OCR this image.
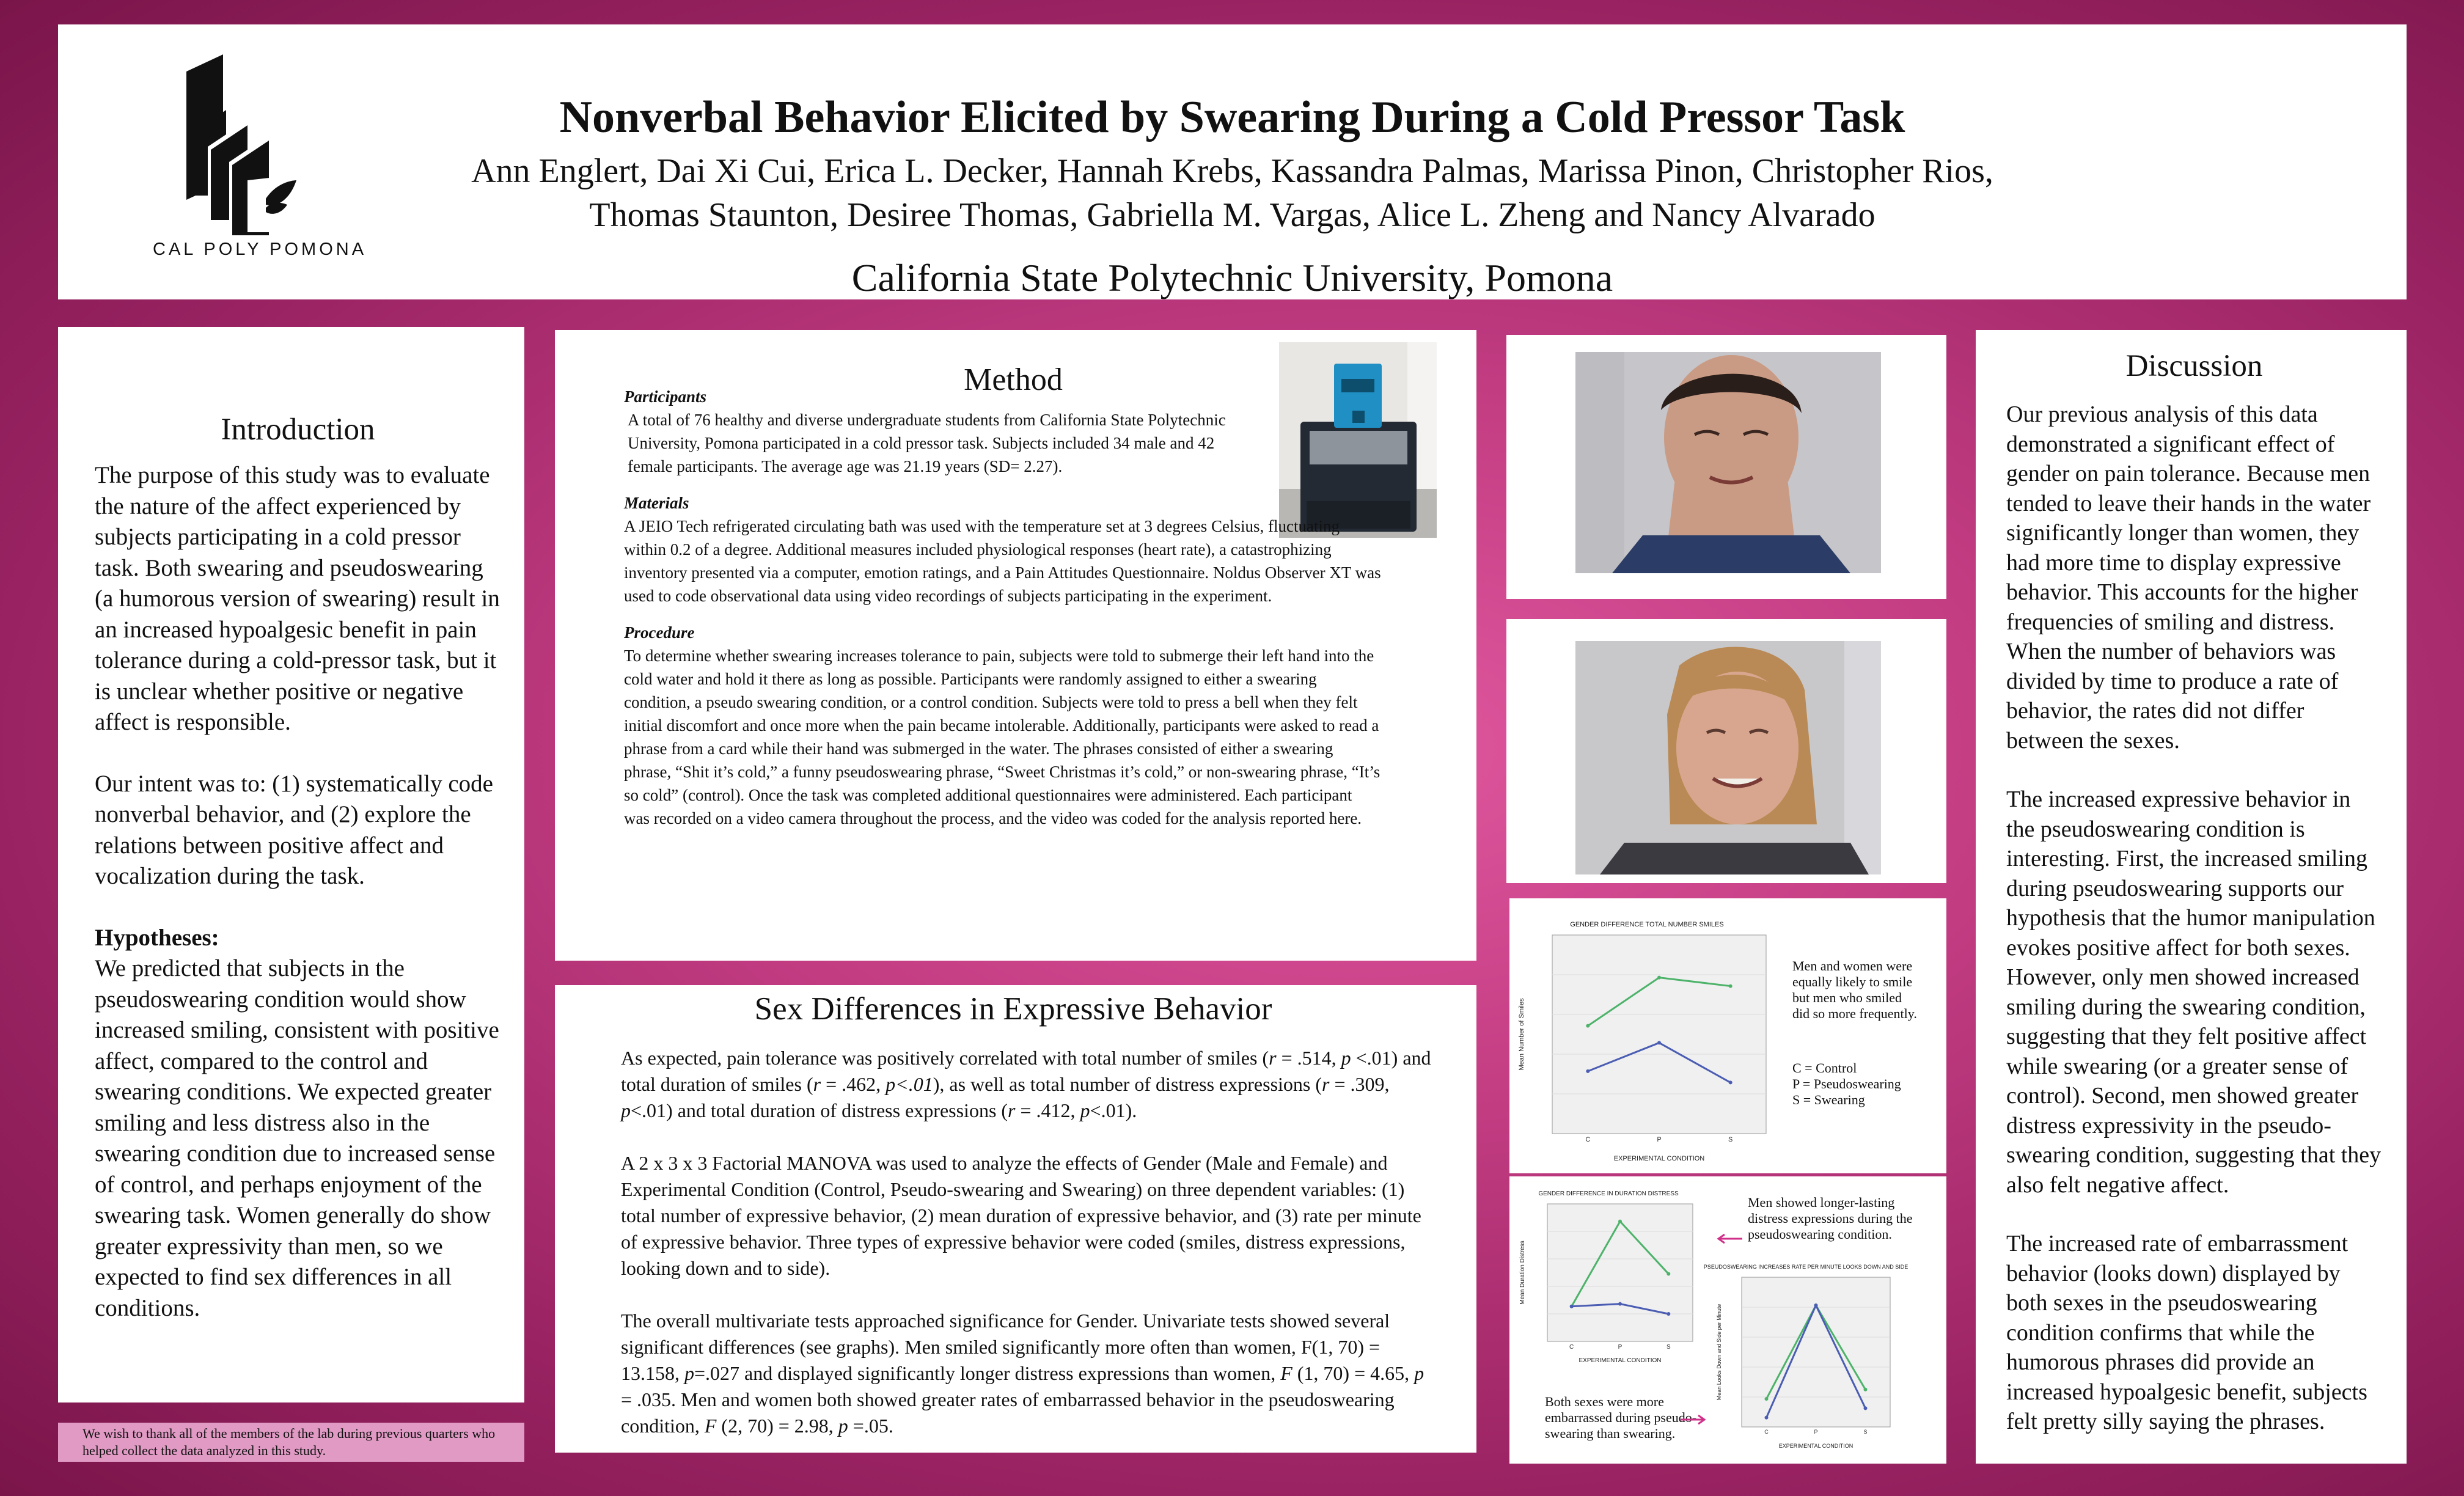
CAL POLY POMONA
Nonverbal Behavior Elicited by Swearing During a Cold Pressor Task
Ann Englert, Dai Xi Cui, Erica L. Decker, Hannah Krebs, Kassandra Palmas, Marissa Pinon, Christopher Rios,
Thomas Staunton, Desiree Thomas, Gabriella M. Vargas, Alice L. Zheng and Nancy Alvarado
California State Polytechnic University, Pomona
Introduction

The purpose of this study was to evaluate the nature of the affect experienced by subjects participating in a cold pressor task. Both swearing and pseudoswearing (a humorous version of swearing) result in an increased hypoalgesic benefit in pain tolerance during a cold-pressor task, but it is unclear whether positive or negative affect is responsible.

Our intent was to: (1) systematically code nonverbal behavior, and (2) explore the relations between positive affect and vocalization during the task.

Hypotheses:

We predicted that subjects in the pseudoswearing condition would show increased smiling, consistent with positive affect, compared to the control and swearing conditions. We expected greater smiling and less distress also in the swearing condition due to increased sense of control, and perhaps enjoyment of the swearing task. Women generally do show greater expressivity than men, so we expected to find sex differences in all conditions.

We wish to thank all of the members of the lab during previous quarters who helped collect the data analyzed in this study.
Method

Participants

A total of 76 healthy and diverse undergraduate students from California State Polytechnic University, Pomona participated in a cold pressor task. Subjects included 34 male and 42 female participants. The average age was 21.19 years (SD= 2.27).

Materials

A JEIO Tech refrigerated circulating bath was used with the temperature set at 3 degrees Celsius, fluctuating within 0.2 of a degree. Additional measures included physiological responses (heart rate), a catastrophizing inventory presented via a computer, emotion ratings, and a Pain Attitudes Questionnaire. Noldus Observer XT was used to code observational data using video recordings of subjects participating in the experiment.

Procedure

To determine whether swearing increases tolerance to pain, subjects were told to submerge their left hand into the cold water and hold it there as long as possible. Participants were randomly assigned to either a swearing condition, a pseudo swearing condition, or a control condition. Subjects were told to press a bell when they felt initial discomfort and once more when the pain became intolerable. Additionally, participants were asked to read a phrase from a card while their hand was submerged in the water. The phrases consisted of either a swearing phrase, “Shit it’s cold,” a funny pseudoswearing phrase, “Sweet Christmas it’s cold,” or non-swearing phrase, “It’s so cold” (control). Once the task was completed additional questionnaires were administered. Each participant was recorded on a video camera throughout the process, and the video was coded for the analysis reported here.

Sex Differences in Expressive Behavior

As expected, pain tolerance was positively correlated with total number of smiles (r = .514, p <.01) and total duration of smiles (r = .462, p<.01), as well as total number of distress expressions (r = .309, p<.01) and total duration of distress expressions (r = .412, p<.01).

A 2 x 3 x 3 Factorial MANOVA was used to analyze the effects of Gender (Male and Female) and Experimental Condition (Control, Pseudo-swearing and Swearing) on three dependent variables: (1) total number of expressive behavior, (2) mean duration of expressive behavior, and (3) rate per minute of expressive behavior. Three types of expressive behavior were coded (smiles, distress expressions, looking down and to side).

The overall multivariate tests approached significance for Gender. Univariate tests showed several significant differences (see graphs). Men smiled significantly more often than women, F(1, 70) = 13.158, p=.027 and displayed significantly longer distress expressions than women, F (1, 70) = 4.65, p = .035. Men and women both showed greater rates of embarrassed behavior in the pseudoswearing condition, F (2, 70) = 2.98, p =.05.

GENDER DIFFERENCE TOTAL NUMBER SMILES
C	P	S
EXPERIMENTAL CONDITION
Mean Number of Smiles
Men and women were equally likely to smile but men who smiled did so more frequently.
C = Control
P = Pseudoswearing
S = Swearing
GENDER DIFFERENCE IN DURATION DISTRESS
C	P	S
EXPERIMENTAL CONDITION
Mean Duration Distress	PSEUDOSWEARING INCREASES RATE PER MINUTE LOOKS DOWN AND SIDE
C	P	S
EXPERIMENTAL CONDITION
Mean Looks Down and Side per Minute
Men showed longer-lasting distress expressions during the pseudoswearing condition.
Both sexes were more embarrassed during pseudo-swearing than swearing.
Discussion

Our previous analysis of this data demonstrated a significant effect of gender on pain tolerance. Because men tended to leave their hands in the water significantly longer than women, they had more time to display expressive behavior. This accounts for the higher frequencies of smiling and distress. When the number of behaviors was divided by time to produce a rate of behavior, the rates did not differ between the sexes.

The increased expressive behavior in the pseudoswearing condition is interesting. First, the increased smiling during pseudoswearing supports our hypothesis that the humor manipulation evokes positive affect for both sexes. However, only men showed increased smiling during the swearing condition, suggesting that they felt positive affect while swearing (or a greater sense of control). Second, men showed greater distress expressivity in the pseudo-swearing condition, suggesting that they also felt negative affect.

The increased rate of embarrassment behavior (looks down) displayed by both sexes in the pseudoswearing condition confirms that while the humorous phrases did provide an increased hypoalgesic benefit, subjects felt pretty silly saying the phrases.
